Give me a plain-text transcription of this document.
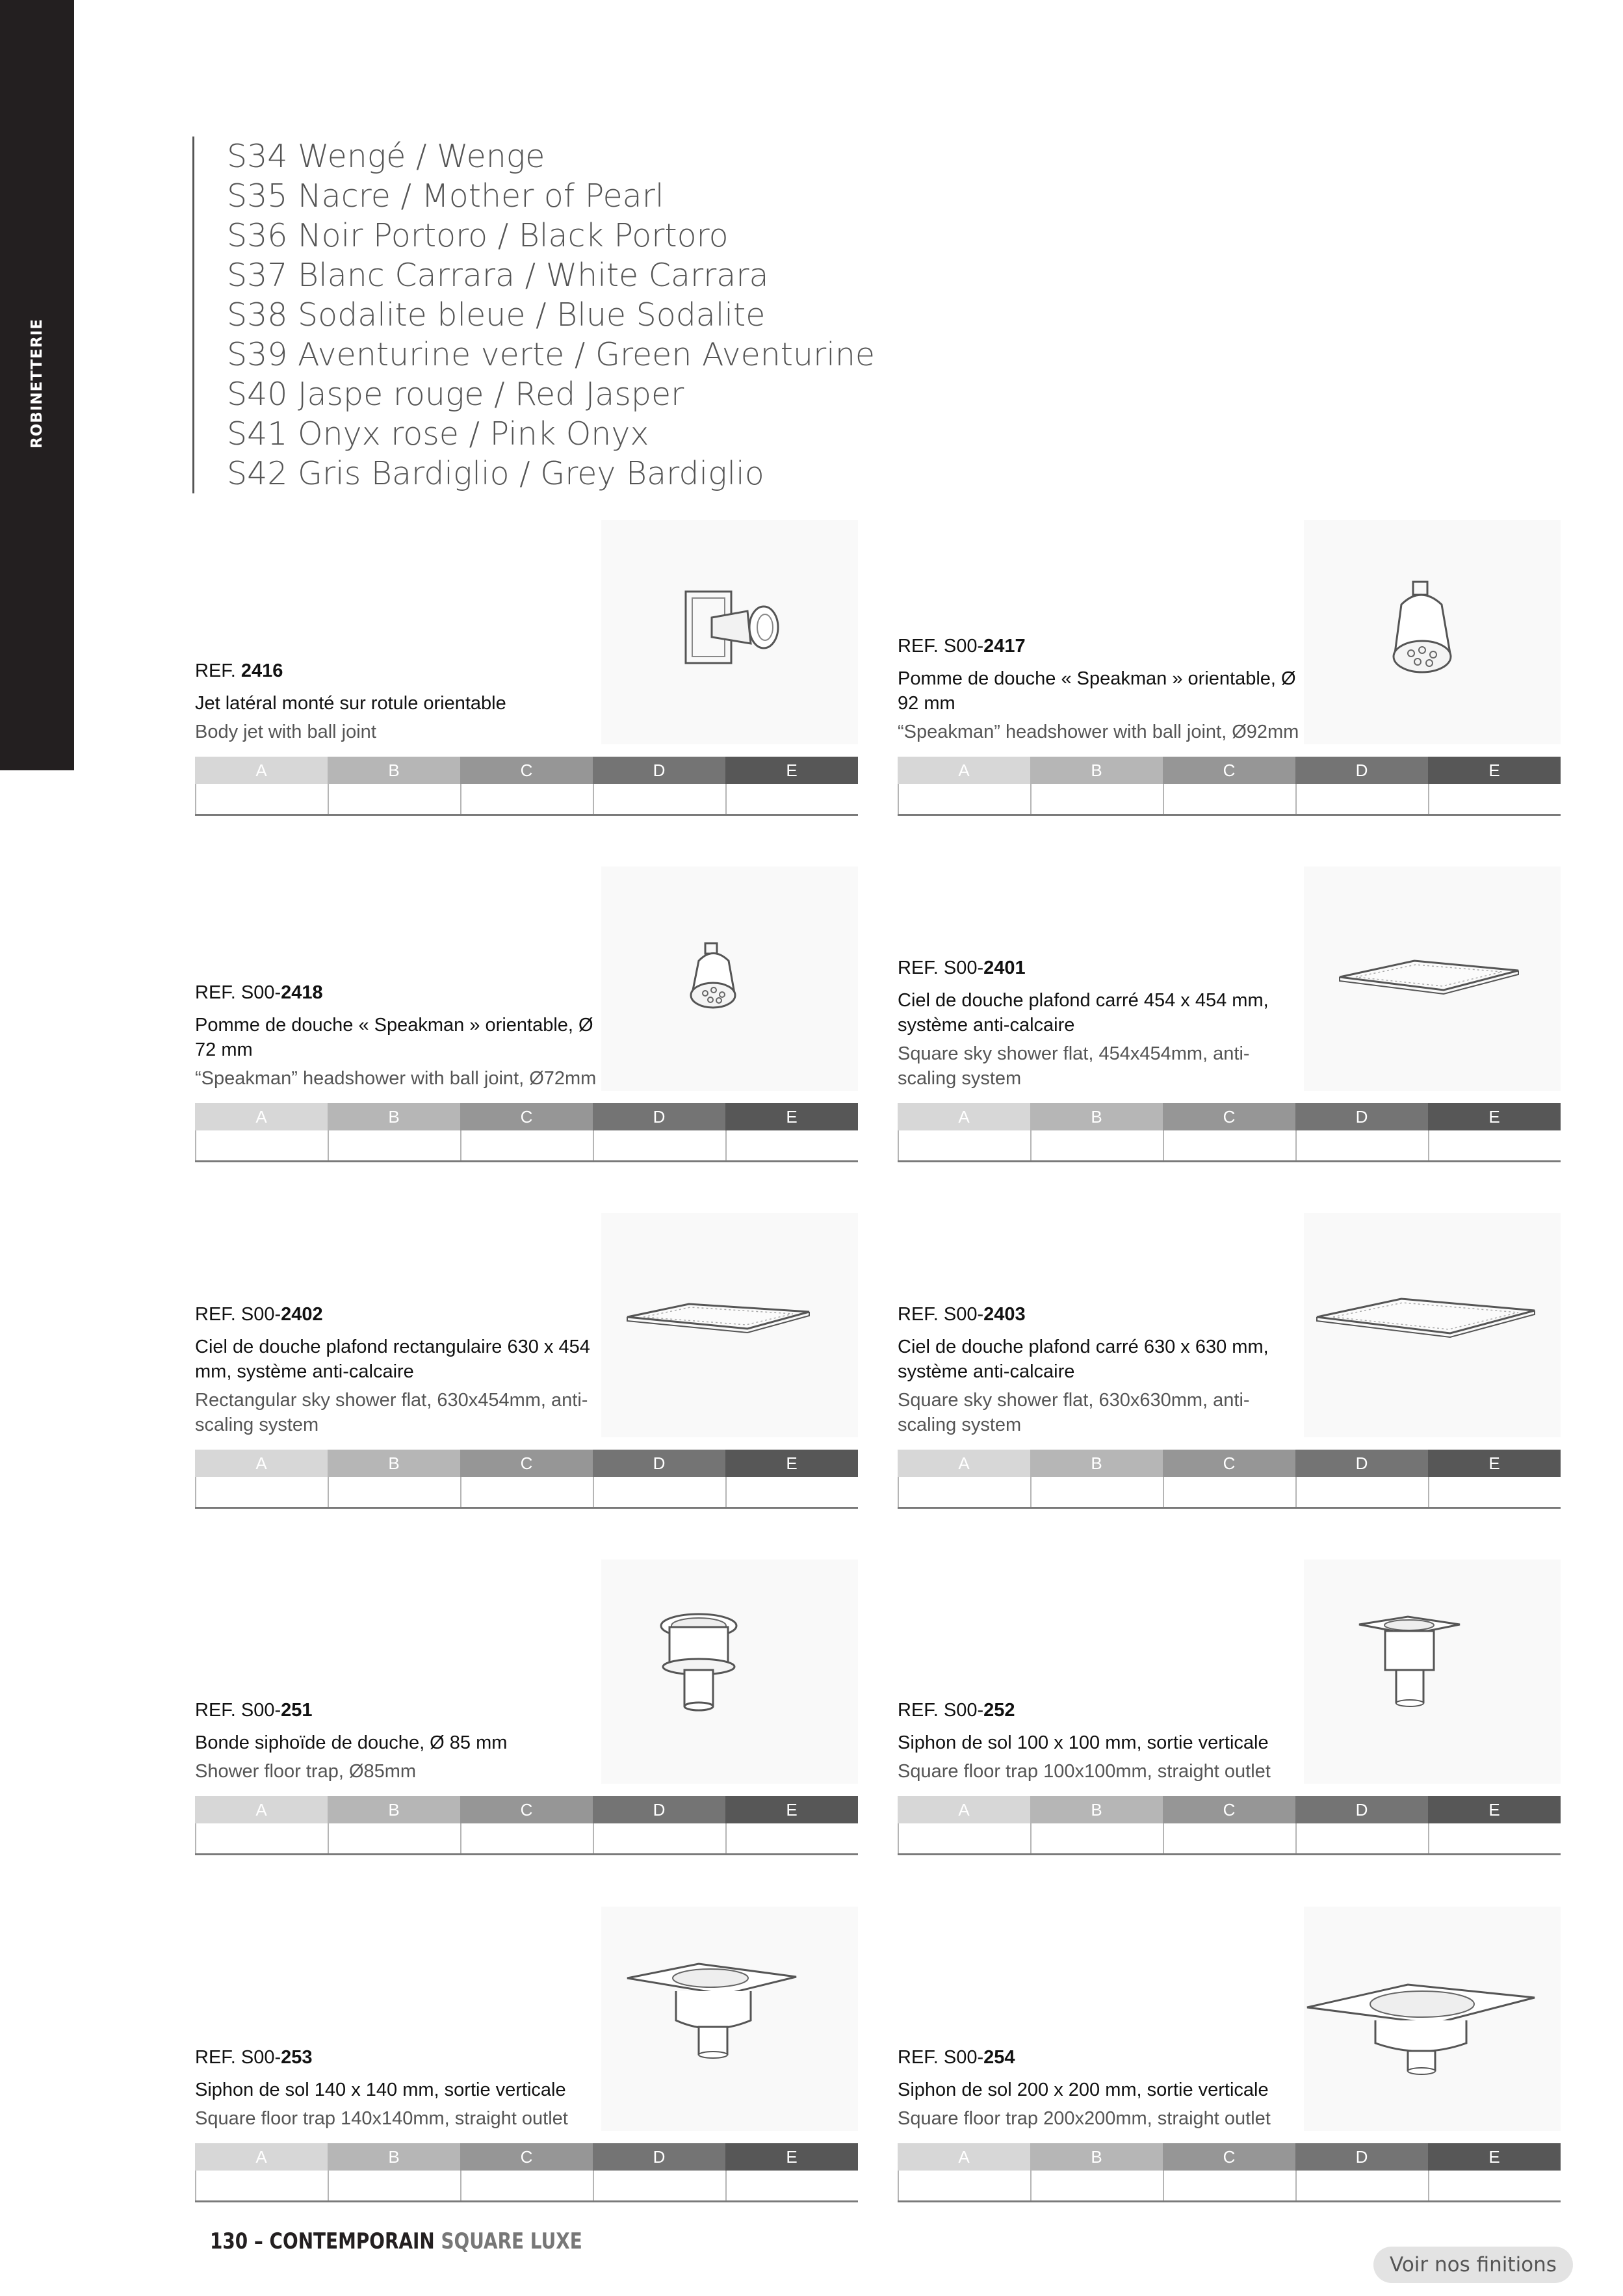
ROBINETTERIE
S34 Wengé / Wenge
S35 Nacre / Mother of Pearl
S36 Noir Portoro / Black Portoro
S37 Blanc Carrara / White Carrara
S38 Sodalite bleue / Blue Sodalite
S39 Aventurine verte / Green Aventurine
S40 Jaspe rouge / Red Jasper
S41 Onyx rose / Pink Onyx
S42 Gris Bardiglio / Grey Bardiglio
REF. 2416
Jet latéral monté sur rotule orientable
Body jet with ball joint
A	B	C	D	E
REF. S00-2417
Pomme de douche « Speakman » orientable, Ø 92 mm
“Speakman” headshower with ball joint, Ø92mm
A	B	C	D	E
REF. S00-2418
Pomme de douche « Speakman » orientable, Ø 72 mm
“Speakman” headshower with ball joint, Ø72mm
A	B	C	D	E
REF. S00-2401
Ciel de douche plafond carré 454 x 454 mm, système anti-calcaire
Square sky shower flat, 454x454mm, anti-scaling system
A	B	C	D	E
REF. S00-2402
Ciel de douche plafond rectangulaire 630 x 454 mm, système anti-calcaire
Rectangular sky shower flat, 630x454mm, anti-scaling system
A	B	C	D	E
REF. S00-2403
Ciel de douche plafond carré 630 x 630 mm, système anti-calcaire
Square sky shower flat, 630x630mm, anti-scaling system
A	B	C	D	E
REF. S00-251
Bonde siphoïde de douche, Ø 85 mm
Shower floor trap, Ø85mm
A	B	C	D	E
REF. S00-252
Siphon de sol 100 x 100 mm, sortie verticale
Square floor trap 100x100mm, straight outlet
A	B	C	D	E
REF. S00-253
Siphon de sol 140 x 140 mm, sortie verticale
Square floor trap 140x140mm, straight outlet
A	B	C	D	E
REF. S00-254
Siphon de sol 200 x 200 mm, sortie verticale
Square floor trap 200x200mm, straight outlet
A	B	C	D	E
130 – CONTEMPORAIN SQUARE LUXE
Voir nos finitions
